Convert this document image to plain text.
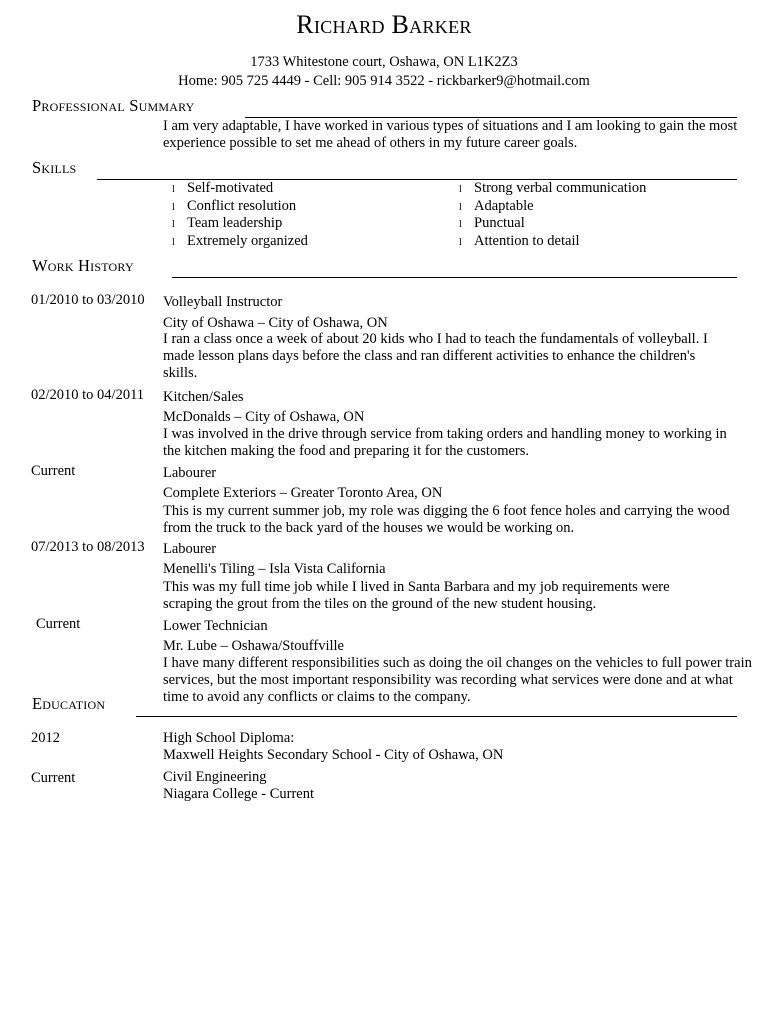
Richard Barker
1733 Whitestone court, Oshawa, ON L1K2Z3
Home: 905 725 4449 - Cell: 905 914 3522 - rickbarker9@hotmail.com
Professional Summary
I am very adaptable, I have worked in various types of situations and I am looking to gain the most experience possible to set me ahead of others in my future career goals.
Skills
l Self-motivated
l Conflict resolution
l Team leadership
l Extremely organized
l Strong verbal communication
l Adaptable
l Punctual
l Attention to detail
Work History
01/2010 to 03/2010 Volleyball Instructor
City of Oshawa – City of Oshawa, ON
I ran a class once a week of about 20 kids who I had to teach the fundamentals of volleyball. I made lesson plans days before the class and ran different activities to enhance the children's skills.
02/2010 to 04/2011 Kitchen/Sales
McDonalds – City of Oshawa, ON
I was involved in the drive through service from taking orders and handling money to working in the kitchen making the food and preparing it for the customers.
Current	Labourer
Complete Exteriors – Greater Toronto Area, ON
This is my current summer job, my role was digging the 6 foot fence holes and carrying the wood from the truck to the back yard of the houses we would be working on.
07/2013 to 08/2013 Labourer
Menelli's Tiling – Isla Vista California
This was my full time job while I lived in Santa Barbara and my job requirements were scraping the grout from the tiles on the ground of the new student housing.
Current	Lower Technician
Mr. Lube – Oshawa/Stouffville
I have many different responsibilities such as doing the oil changes on the vehicles to full power train services, but the most important responsibility was recording what services were done and at what time to avoid any conflicts or claims to the company.
Education
2012	High School Diploma:
Maxwell Heights Secondary School - City of Oshawa, ON
Current	Civil Engineering
Niagara College - Current
